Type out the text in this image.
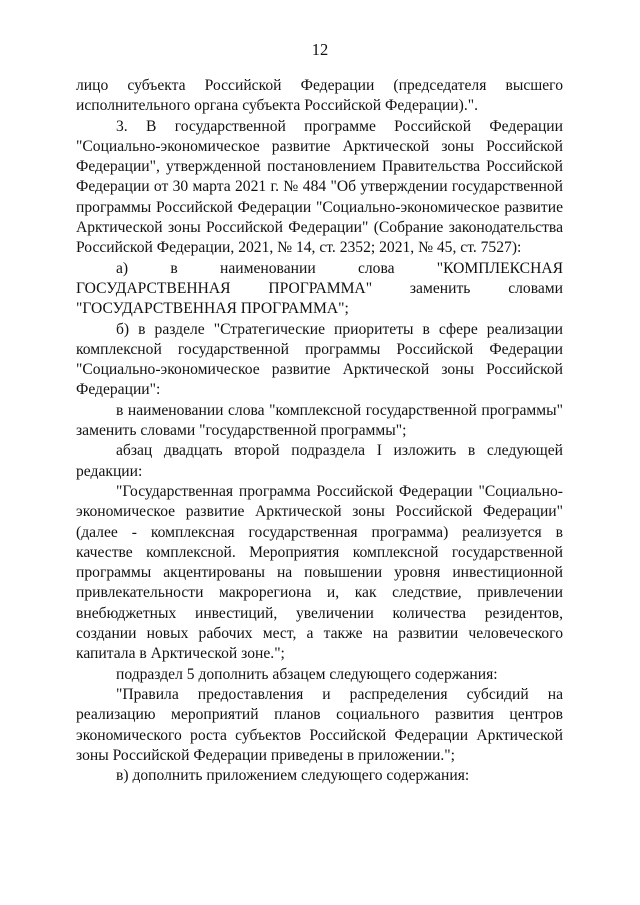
12

лицо субъекта Российской Федерации (председателя высшего исполнительного органа субъекта Российской Федерации).".

3. В государственной программе Российской Федерации "Социально-экономическое развитие Арктической зоны Российской Федерации", утвержденной постановлением Правительства Российской Федерации от 30 марта 2021 г. № 484 "Об утверждении государственной программы Российской Федерации "Социально-экономическое развитие Арктической зоны Российской Федерации" (Собрание законодательства Российской Федерации, 2021, № 14, ст. 2352; 2021, № 45, ст. 7527):

а) в наименовании слова "КОМПЛЕКСНАЯ ГОСУДАРСТВЕННАЯ ПРОГРАММА" заменить словами "ГОСУДАРСТВЕННАЯ ПРОГРАММА";

б) в разделе "Стратегические приоритеты в сфере реализации комплексной государственной программы Российской Федерации "Социально-экономическое развитие Арктической зоны Российской Федерации":

в наименовании слова "комплексной государственной программы" заменить словами "государственной программы";

абзац двадцать второй подраздела I изложить в следующей редакции:

"Государственная программа Российской Федерации "Социально-экономическое развитие Арктической зоны Российской Федерации" (далее - комплексная государственная программа) реализуется в качестве комплексной. Мероприятия комплексной государственной программы акцентированы на повышении уровня инвестиционной привлекательности макрорегиона и, как следствие, привлечении внебюджетных инвестиций, увеличении количества резидентов, создании новых рабочих мест, а также на развитии человеческого капитала в Арктической зоне.";

подраздел 5 дополнить абзацем следующего содержания:

"Правила предоставления и распределения субсидий на реализацию мероприятий планов социального развития центров экономического роста субъектов Российской Федерации Арктической зоны Российской Федерации приведены в приложении.";

в) дополнить приложением следующего содержания:
